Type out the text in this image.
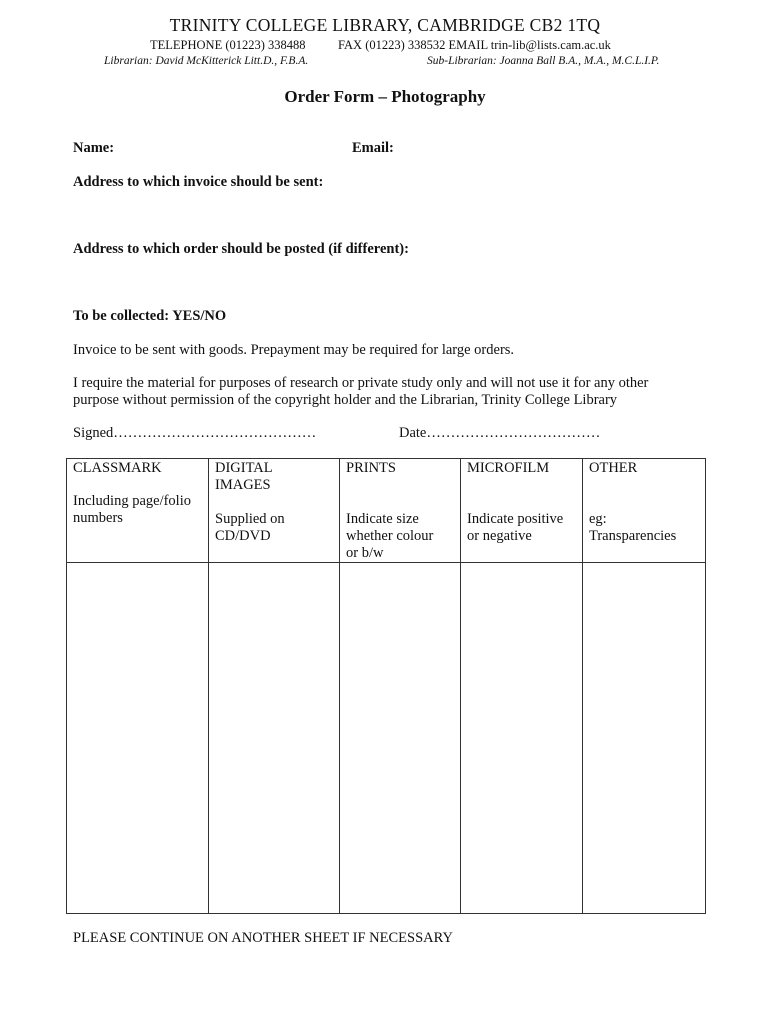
TRINITY COLLEGE LIBRARY, CAMBRIDGE CB2 1TQ
TELEPHONE (01223) 338488	FAX (01223) 338532 EMAIL trin-lib@lists.cam.ac.uk
Librarian: David McKitterick Litt.D., F.B.A.	Sub-Librarian: Joanna Ball B.A., M.A., M.C.L.I.P.
Order Form – Photography
Name:	Email:
Address to which invoice should be sent:
Address to which order should be posted (if different):
To be collected: YES/NO
Invoice to be sent with goods. Prepayment may be required for large orders.
I require the material for purposes of research or private study only and will not use it for any other
purpose without permission of the copyright holder and the Librarian, Trinity College Library
Signed……………………………………	Date………………………………
CLASSMARK
Including page/folio
numbers	DIGITAL
IMAGES
Supplied on
CD/DVD	PRINTS
Indicate size
whether colour
or b/w	MICROFILM
Indicate positive
or negative	OTHER
eg:
Transparencies

PLEASE CONTINUE ON ANOTHER SHEET IF NECESSARY
